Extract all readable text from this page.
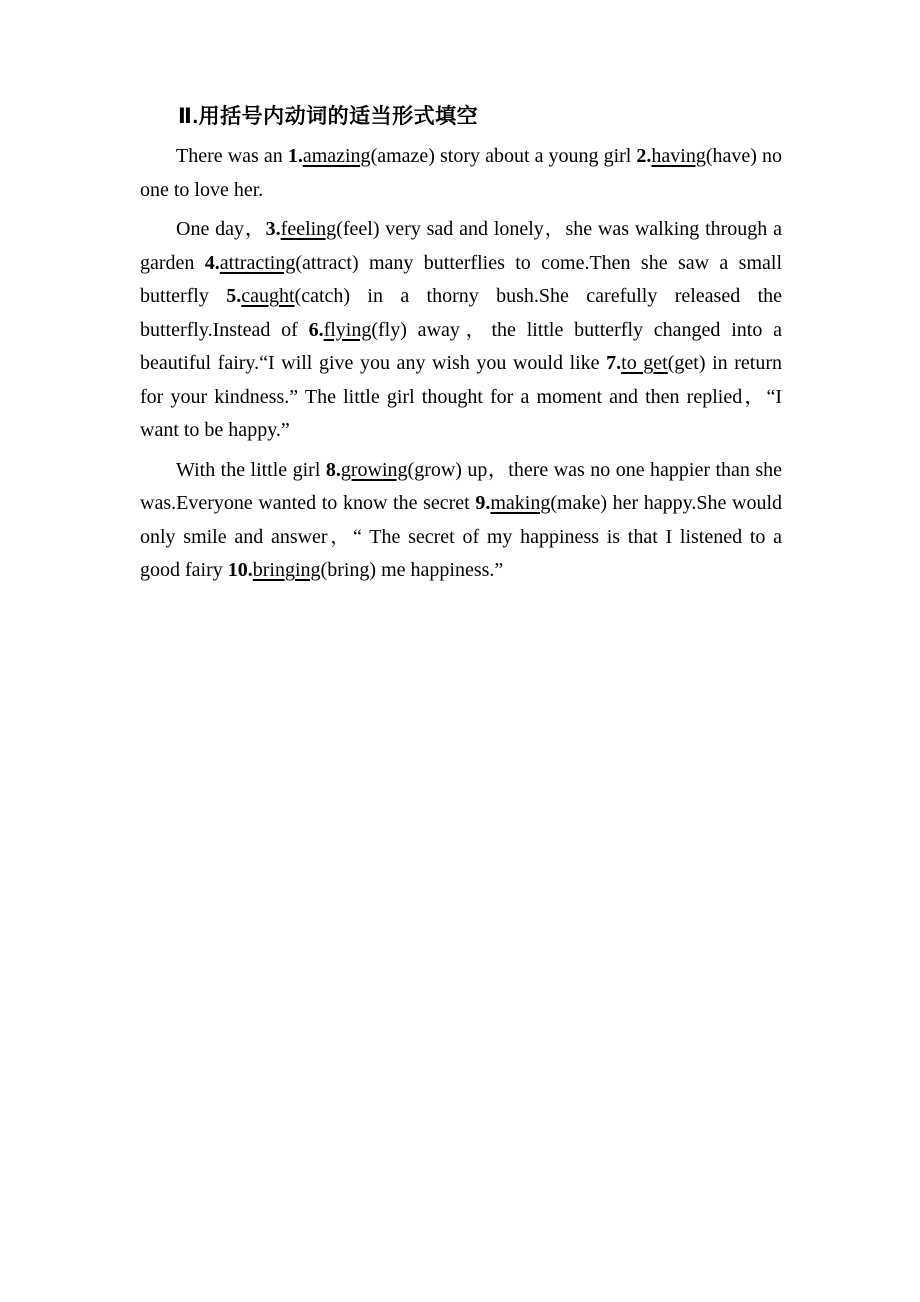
Ⅱ.用括号内动词的适当形式填空

There was an 1.amazing(amaze) story about a young girl 2.having(have) no one to love her.

One day，3.feeling(feel) very sad and lonely，she was walking through a garden 4.attracting(attract) many butterflies to come.Then she saw a small butterfly 5.caught(catch) in a thorny bush.She carefully released the butterfly.Instead of 6.flying(fly) away，the little butterfly changed into a beautiful fairy.“I will give you any wish you would like 7.to get(get) in return for your kindness.” The little girl thought for a moment and then replied，“I want to be happy.”

With the little girl 8.growing(grow) up，there was no one happier than she was.Everyone wanted to know the secret 9.making(make) her happy.She would only smile and answer，“ The secret of my happiness is that I listened to a good fairy 10.bringing(bring) me happiness.”
